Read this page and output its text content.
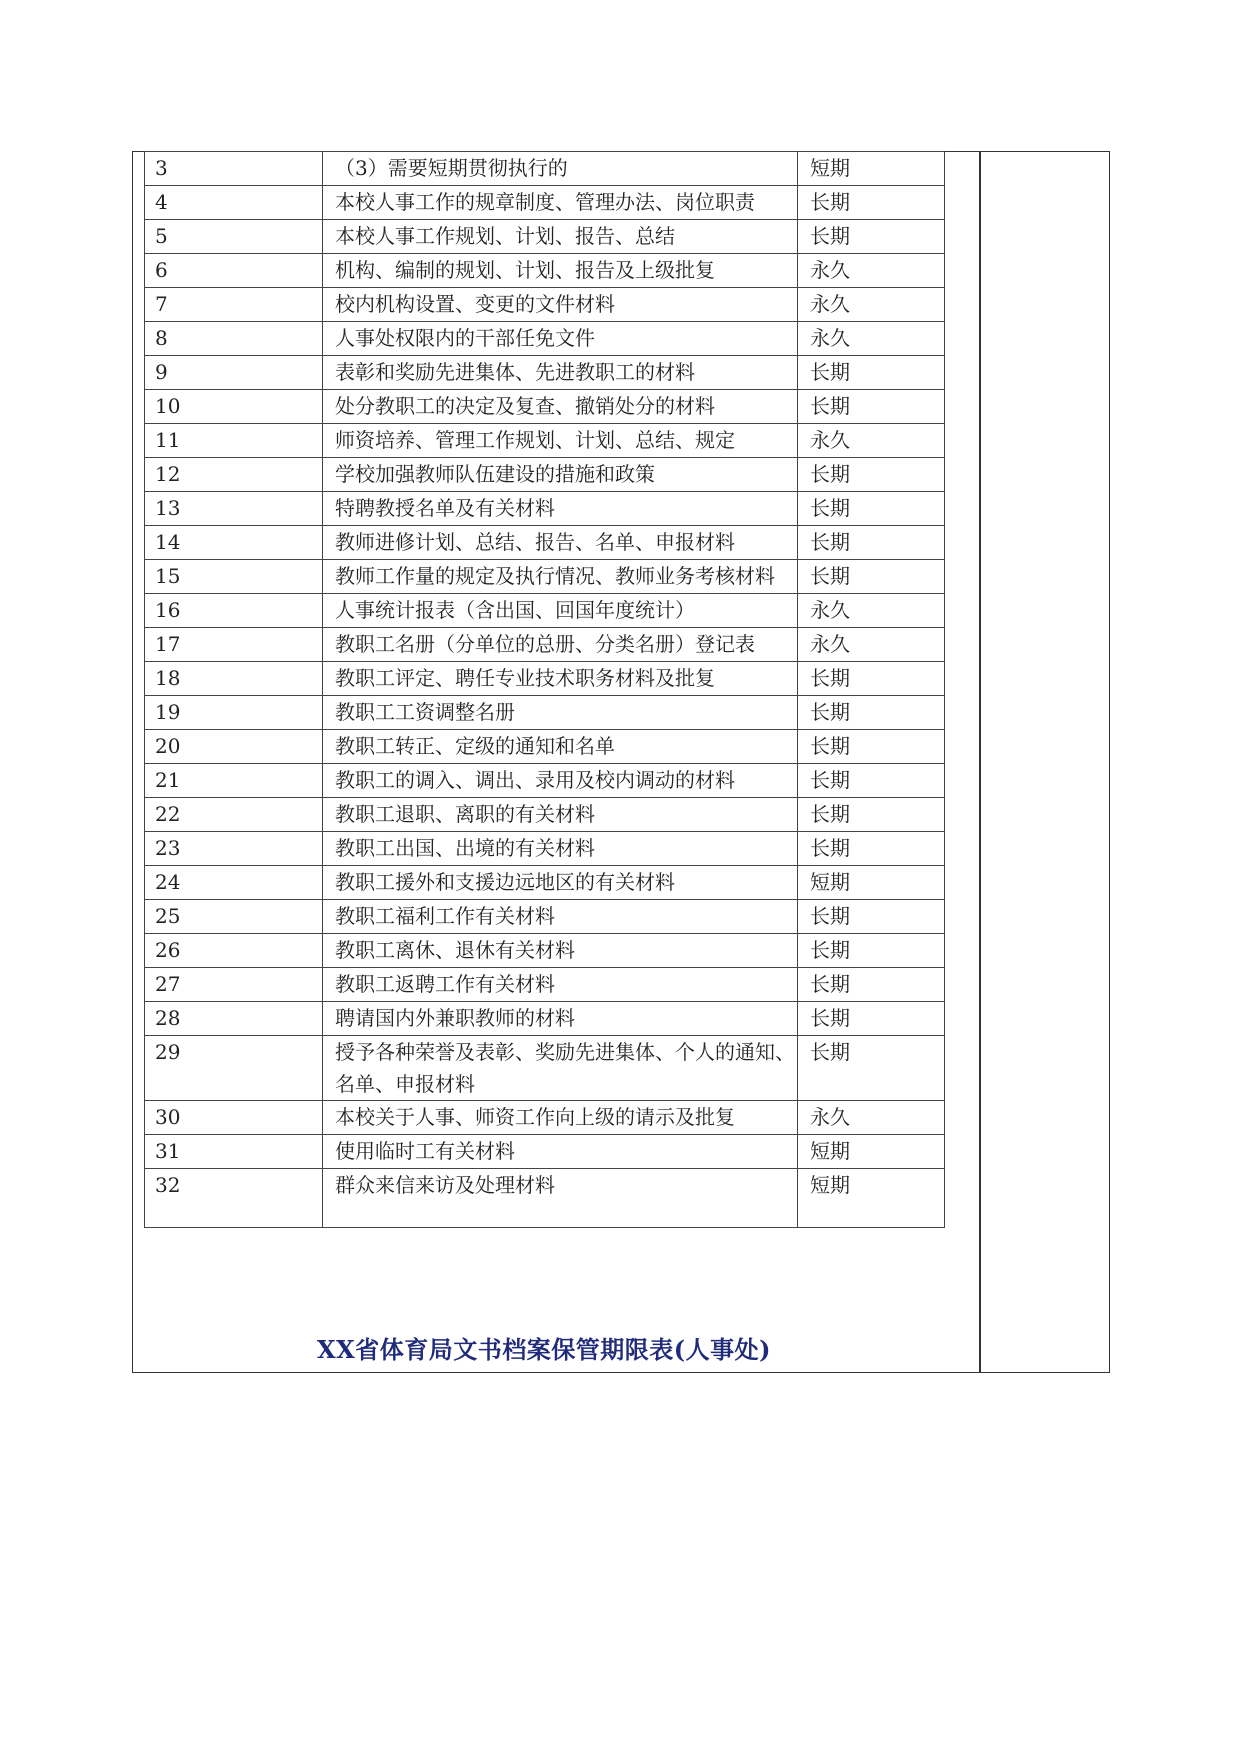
3	（3）需要短期贯彻执行的	短期
4	本校人事工作的规章制度、管理办法、岗位职责	长期
5	本校人事工作规划、计划、报告、总结	长期
6	机构、编制的规划、计划、报告及上级批复	永久
7	校内机构设置、变更的文件材料	永久
8	人事处权限内的干部任免文件	永久
9	表彰和奖励先进集体、先进教职工的材料	长期
10	处分教职工的决定及复查、撤销处分的材料	长期
11	师资培养、管理工作规划、计划、总结、规定	永久
12	学校加强教师队伍建设的措施和政策	长期
13	特聘教授名单及有关材料	长期
14	教师进修计划、总结、报告、名单、申报材料	长期
15	教师工作量的规定及执行情况、教师业务考核材料	长期
16	人事统计报表（含出国、回国年度统计）	永久
17	教职工名册（分单位的总册、分类名册）登记表	永久
18	教职工评定、聘任专业技术职务材料及批复	长期
19	教职工工资调整名册	长期
20	教职工转正、定级的通知和名单	长期
21	教职工的调入、调出、录用及校内调动的材料	长期
22	教职工退职、离职的有关材料	长期
23	教职工出国、出境的有关材料	长期
24	教职工援外和支援边远地区的有关材料	短期
25	教职工福利工作有关材料	长期
26	教职工离休、退休有关材料	长期
27	教职工返聘工作有关材料	长期
28	聘请国内外兼职教师的材料	长期
29	授予各种荣誉及表彰、奖励先进集体、个人的通知、名单、申报材料	长期
30	本校关于人事、师资工作向上级的请示及批复	永久
31	使用临时工有关材料	短期
32	群众来信来访及处理材料	短期
XX省体育局文书档案保管期限表(人事处)
